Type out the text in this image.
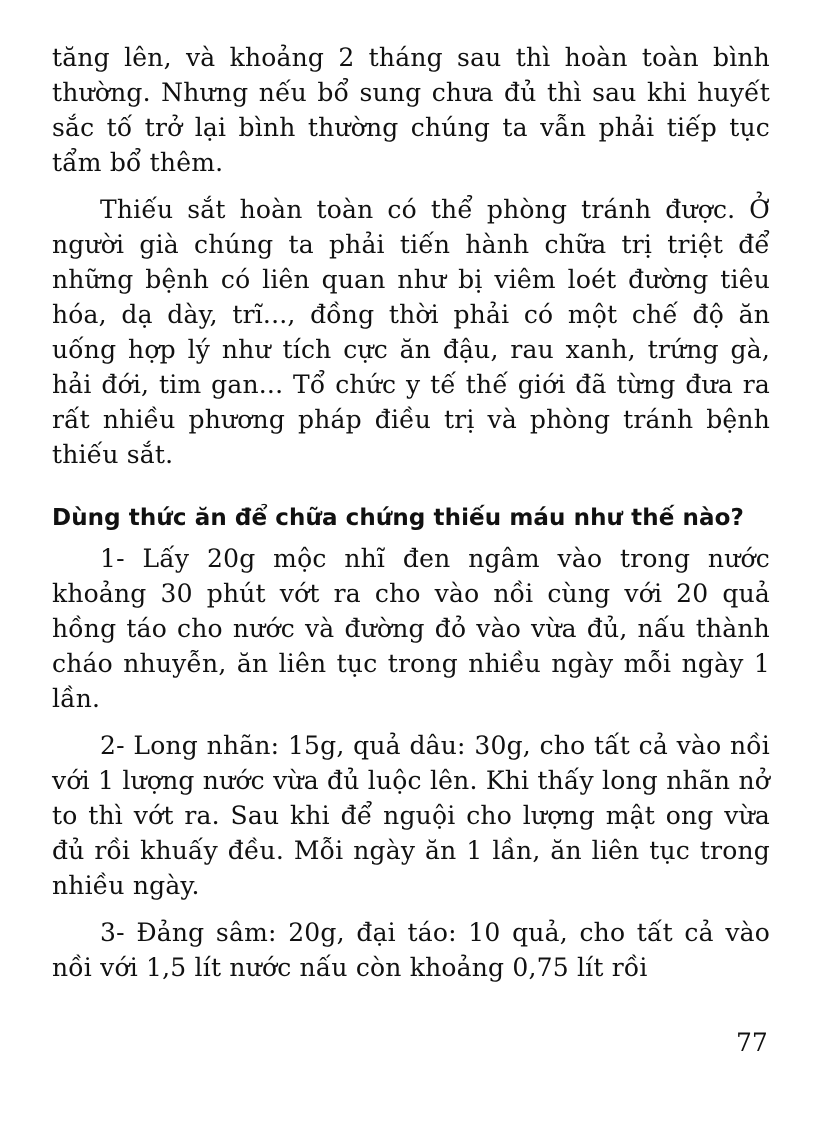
tăng lên, và khoảng 2 tháng sau thì hoàn toàn bình thường. Nhưng nếu bổ sung chưa đủ thì sau khi huyết sắc tố trở lại bình thường chúng ta vẫn phải tiếp tục tẩm bổ thêm.

Thiếu sắt hoàn toàn có thể phòng tránh được. Ở người già chúng ta phải tiến hành chữa trị triệt để những bệnh có liên quan như bị viêm loét đường tiêu hóa, dạ dày, trĩ..., đồng thời phải có một chế độ ăn uống hợp lý như tích cực ăn đậu, rau xanh, trứng gà, hải đới, tim gan... Tổ chức y tế thế giới đã từng đưa ra rất nhiều phương pháp điều trị và phòng tránh bệnh thiếu sắt.

Dùng thức ăn để chữa chứng thiếu máu như thế nào?

1- Lấy 20g mộc nhĩ đen ngâm vào trong nước khoảng 30 phút vớt ra cho vào nồi cùng với 20 quả hồng táo cho nước và đường đỏ vào vừa đủ, nấu thành cháo nhuyễn, ăn liên tục trong nhiều ngày mỗi ngày 1 lần.

2- Long nhãn: 15g, quả dâu: 30g, cho tất cả vào nồi với 1 lượng nước vừa đủ luộc lên. Khi thấy long nhãn nở to thì vớt ra. Sau khi để nguội cho lượng mật ong vừa đủ rồi khuấy đều. Mỗi ngày ăn 1 lần, ăn liên tục trong nhiều ngày.

3- Đảng sâm: 20g, đại táo: 10 quả, cho tất cả vào nồi với 1,5 lít nước nấu còn khoảng 0,75 lít rồi

77
